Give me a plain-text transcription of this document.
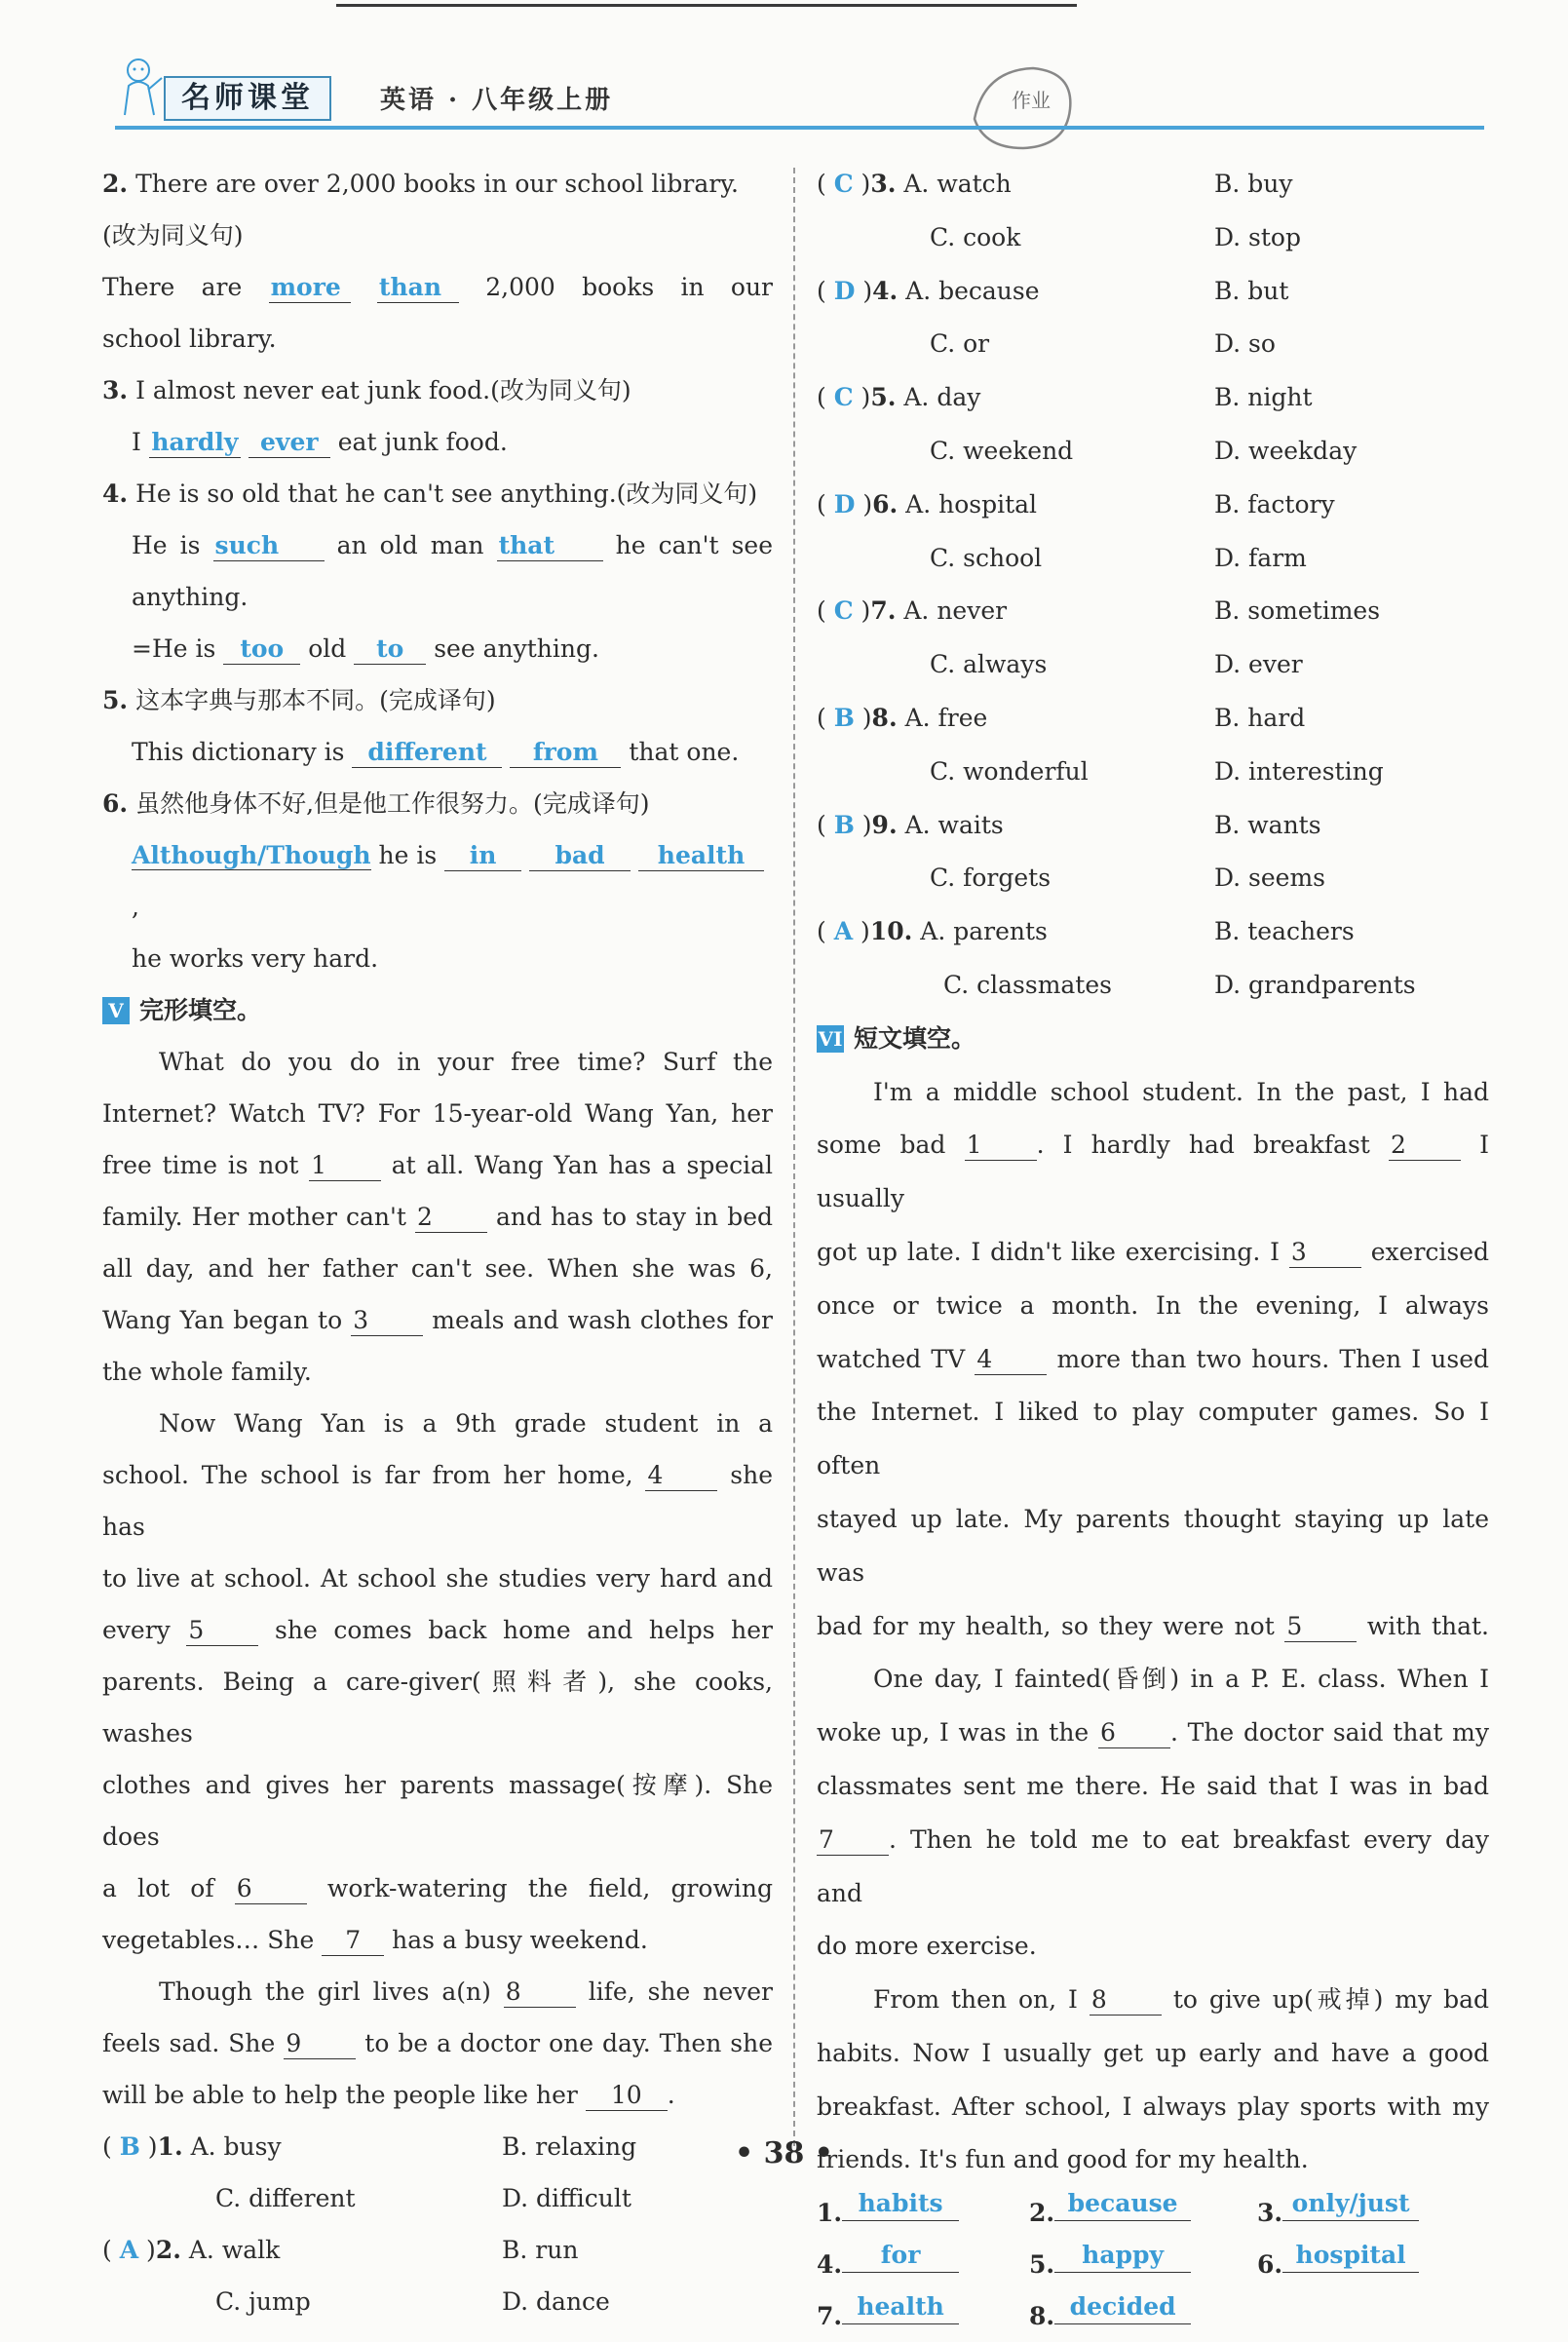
名师课堂	英语 · 八年级上册	作业
2. There are over 2,000 books in our school library.
(改为同义句)
There are more than 2,000 books in our
school library.
3. I almost never eat junk food.(改为同义句)
I hardly ever eat junk food.
4. He is so old that he can't see anything.(改为同义句)
He is such an old man that	he can't see
anything.
=He is too old to see anything.
5. 这本字典与那本不同。(完成译句)
This dictionary is different from that one.
6. 虽然他身体不好,但是他工作很努力。(完成译句)
Although/Though he is in bad health ,
he works very hard.
V 完形填空。
What do you do in your free time? Surf the
Internet? Watch TV? For 15-year-old Wang Yan, her
free time is not 1	at all. Wang Yan has a special
family. Her mother can't 2	and has to stay in bed
all day, and her father can't see. When she was 6,
Wang Yan began to 3	meals and wash clothes for
the whole family.
Now Wang Yan is a 9th grade student in a
school. The school is far from her home, 4	she has
to live at school. At school she studies very hard and
every 5	she comes back home and helps her
parents. Being a care-giver(照料者), she cooks, washes
clothes and gives her parents massage(按摩). She does
a lot of 6	work-watering the field, growing
vegetables… She 7 has a busy weekend.
Though the girl lives a(n) 8	life, she never
feels sad. She 9	to be a doctor one day. Then she
will be able to help the people like her 10 .
( B )1. A. busy	B. relaxing
C. different	D. difficult
( A )2. A. walk	B. run
C. jump	D. dance
( C )3. A. watch	B. buy
C. cook	D. stop
( D )4. A. because	B. but
C. or	D. so
( C )5. A. day	B. night
C. weekend	D. weekday
( D )6. A. hospital	B. factory
C. school	D. farm
( C )7. A. never	B. sometimes
C. always	D. ever
( B )8. A. free	B. hard
C. wonderful	D. interesting
( B )9. A. waits	B. wants
C. forgets	D. seems
( A )10. A. parents	B. teachers
C. classmates	D. grandparents
VI 短文填空。
I'm a middle school student. In the past, I had
some bad 1 . I hardly had breakfast 2	I usually
got up late. I didn't like exercising. I 3	exercised
once or twice a month. In the evening, I always
watched TV 4	more than two hours. Then I used
the Internet. I liked to play computer games. So I often
stayed up late. My parents thought staying up late was
bad for my health, so they were not 5	with that.
One day, I fainted(昏倒) in a P. E. class. When I
woke up, I was in the 6 . The doctor said that my
classmates sent me there. He said that I was in bad
7 . Then he told me to eat breakfast every day and
do more exercise.
From then on, I 8	to give up(戒掉) my bad
habits. Now I usually get up early and have a good
breakfast. After school, I always play sports with my
friends. It's fun and good for my health.
1. habits	2. because	3. only/just
4.	for	5.	happy	6. hospital
7. health	8. decided
• 38 •
